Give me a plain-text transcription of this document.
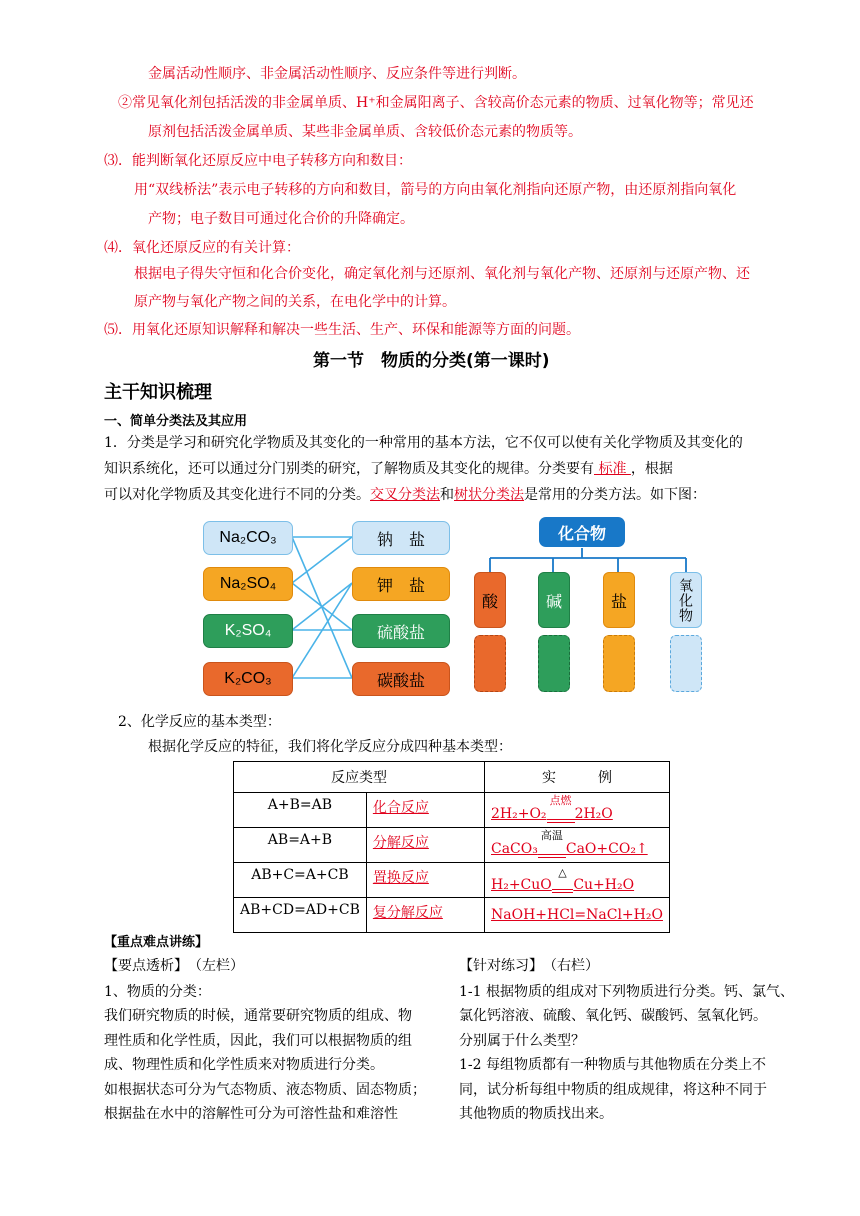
金属活动性顺序、非金属活动性顺序、反应条件等进行判断。
②常见氧化剂包括活泼的非金属单质、H⁺和金属阳离子、含较高价态元素的物质、过氧化物等；常见还
原剂包括活泼金属单质、某些非金属单质、含较低价态元素的物质等。
⑶．能判断氧化还原反应中电子转移方向和数目：
用“双线桥法”表示电子转移的方向和数目，箭号的方向由氧化剂指向还原产物，由还原剂指向氧化
产物；电子数目可通过化合价的升降确定。
⑷．氧化还原反应的有关计算：
根据电子得失守恒和化合价变化，确定氧化剂与还原剂、氧化剂与氧化产物、还原剂与还原产物、还
原产物与氧化产物之间的关系，在电化学中的计算。
⑸．用氧化还原知识解释和解决一些生活、生产、环保和能源等方面的问题。
第一节　物质的分类(第一课时)
主干知识梳理
一、简单分类法及其应用
1．分类是学习和研究化学物质及其变化的一种常用的基本方法，它不仅可以使有关化学物质及其变化的
知识系统化，还可以通过分门别类的研究，了解物质及其变化的规律。分类要有 标准 ，根据
可以对化学物质及其变化进行不同的分类。交叉分类法和树状分类法是常用的分类方法。如下图：
Na₂CO₃
Na₂SO₄
K₂SO₄
K₂CO₃
钠　盐
钾　盐
硫酸盐
碳酸盐
化合物
酸	碱	盐	氧化物
2、化学反应的基本类型：
根据化学反应的特征，我们将化学反应分成四种基本类型：
反应类型		实　　　例
A+B=AB	化合反应	2H₂+O₂
点燃
2H₂O
AB=A+B	分解反应	CaCO₃
高温
CaO+CO₂↑
AB+C=A+CB	置换反应	H₂+CuO
△
Cu+H₂O
AB+CD=AD+CB	复分解反应	NaOH+HCl=NaCl+H₂O
【重点难点讲练】
【要点透析】　（左栏）
1、物质的分类：
我们研究物质的时候，通常要研究物质的组成、物
理性质和化学性质，因此，我们可以根据物质的组
成、物理性质和化学性质来对物质进行分类。
如根据状态可分为气态物质、液态物质、固态物质；
根据盐在水中的溶解性可分为可溶性盐和难溶性
【针对练习】　（右栏）
1-1 根据物质的组成对下列物质进行分类。钙、氯气、
氯化钙溶液、硫酸、氧化钙、碳酸钙、氢氧化钙。
分别属于什么类型？
1-2 每组物质都有一种物质与其他物质在分类上不
同，试分析每组中物质的组成规律，将这种不同于
其他物质的物质找出来。
